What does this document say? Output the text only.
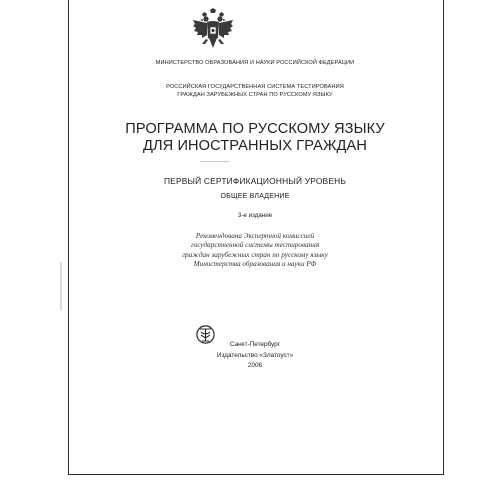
МИНИСТЕРСТВО ОБРАЗОВАНИЯ И НАУКИ РОССИЙСКОЙ ФЕДЕРАЦИИ
РОССИЙСКАЯ ГОСУДАРСТВЕННАЯ СИСТЕМА ТЕСТИРОВАНИЯ
ГРАЖДАН ЗАРУБЕЖНЫХ СТРАН ПО РУССКОМУ ЯЗЫКУ
ПРОГРАММА ПО РУССКОМУ ЯЗЫКУ
ДЛЯ ИНОСТРАННЫХ ГРАЖДАН
ПЕРВЫЙ СЕРТИФИКАЦИОННЫЙ УРОВЕНЬ
ОБЩЕЕ ВЛАДЕНИЕ
3-е издание
Рекомендована Экспертной комиссией
государственной системы тестирования
граждан зарубежных стран по русскому языку
Министерства образования и науки РФ
Санкт-Петербург
Издательство «Златоуст»
2006
